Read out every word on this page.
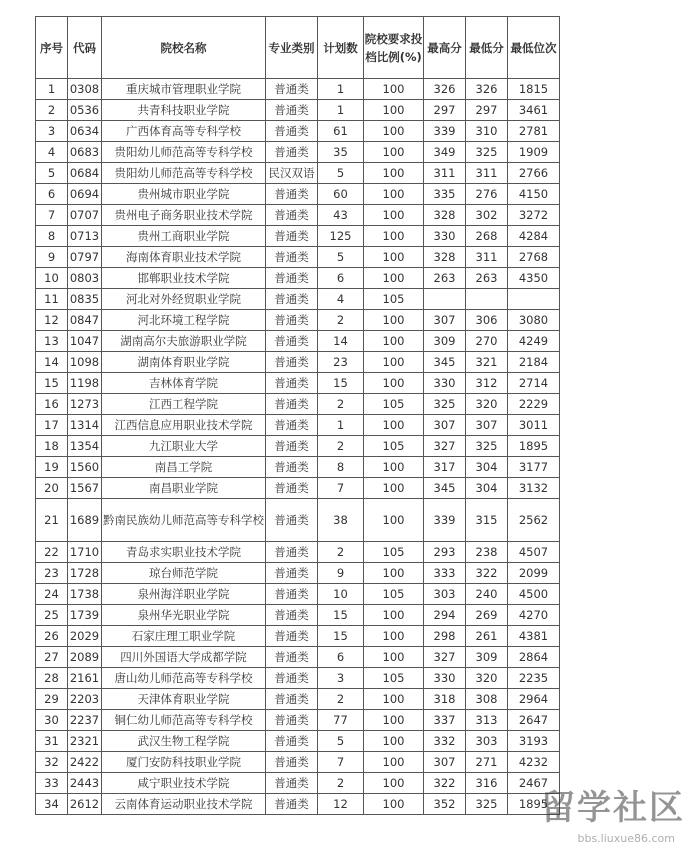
序号	代码	院校名称	专业类别	计划数	院校要求投档比例(%)	最高分	最低分	最低位次
1	0308	重庆城市管理职业学院	普通类	1	100	326	326	1815
2	0536	共青科技职业学院	普通类	1	100	297	297	3461
3	0634	广西体育高等专科学校	普通类	61	100	339	310	2781
4	0683	贵阳幼儿师范高等专科学校	普通类	35	100	349	325	1909
5	0684	贵阳幼儿师范高等专科学校	民汉双语	5	100	311	311	2766
6	0694	贵州城市职业学院	普通类	60	100	335	276	4150
7	0707	贵州电子商务职业技术学院	普通类	43	100	328	302	3272
8	0713	贵州工商职业学院	普通类	125	100	330	268	4284
9	0797	海南体育职业技术学院	普通类	5	100	328	311	2768
10	0803	邯郸职业技术学院	普通类	6	100	263	263	4350
11	0835	河北对外经贸职业学院	普通类	4	105			
12	0847	河北环境工程学院	普通类	2	100	307	306	3080
13	1047	湖南高尔夫旅游职业学院	普通类	14	100	309	270	4249
14	1098	湖南体育职业学院	普通类	23	100	345	321	2184
15	1198	吉林体育学院	普通类	15	100	330	312	2714
16	1273	江西工程学院	普通类	2	105	325	320	2229
17	1314	江西信息应用职业技术学院	普通类	1	100	307	307	3011
18	1354	九江职业大学	普通类	2	105	327	325	1895
19	1560	南昌工学院	普通类	8	100	317	304	3177
20	1567	南昌职业学院	普通类	7	100	345	304	3132
21	1689	黔南民族幼儿师范高等专科学校	普通类	38	100	339	315	2562
22	1710	青岛求实职业技术学院	普通类	2	105	293	238	4507
23	1728	琼台师范学院	普通类	9	100	333	322	2099
24	1738	泉州海洋职业学院	普通类	10	105	303	240	4500
25	1739	泉州华光职业学院	普通类	15	100	294	269	4270
26	2029	石家庄理工职业学院	普通类	15	100	298	261	4381
27	2089	四川外国语大学成都学院	普通类	6	100	327	309	2864
28	2161	唐山幼儿师范高等专科学校	普通类	3	105	330	320	2235
29	2203	天津体育职业学院	普通类	2	100	318	308	2964
30	2237	铜仁幼儿师范高等专科学校	普通类	77	100	337	313	2647
31	2321	武汉生物工程学院	普通类	5	100	332	303	3193
32	2422	厦门安防科技职业学院	普通类	7	100	307	271	4232
33	2443	咸宁职业技术学院	普通类	2	100	322	316	2467
34	2612	云南体育运动职业技术学院	普通类	12	100	352	325	1895
留学社区
bbs.liuxue86.com
